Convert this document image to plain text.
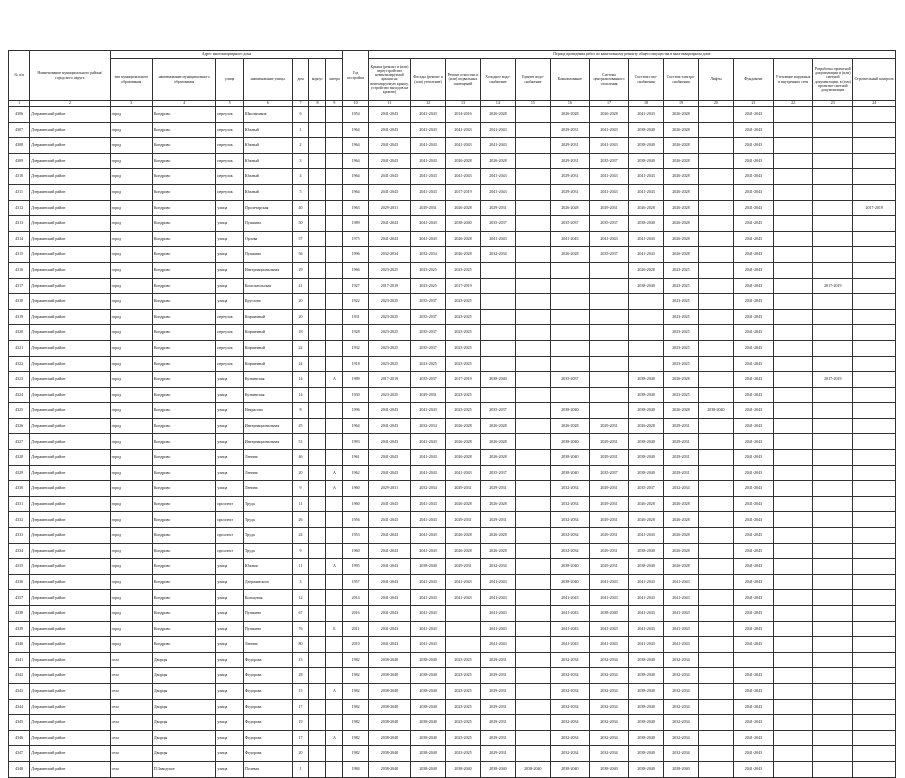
№ п/п	Наименование муниципального района/городского округа	Адрес многоквартирного дома							Год постройки	Период проведения работ по капитальному ремонту общего имущества в многоквартирном доме													
		тип муниципального образования	наименование муниципального образования	улица	наименование улицы	дом	корпус	литера		Крыша (ремонт и (или) переустройство невентилируемой крыши на вентилируемую крышу, устройство выходов на кровлю)	Фасады (ремонт и (или) утепление)	Ремонт отмостки и (или) подвальных помещений	Холодное водо-снабжение	Горячее водо-снабжение	Канализование	Система централизованного отопления	Система газо-снабжения	Система электро-снабжения	Лифты	Фундамент	Утепление наружных и внутренних стен	Разработка проектной документации и (или) сметной документации, в (том) проектно-сметной документации	Строительный контроль
1	2	3	4	5	6	7	8	9	10	11	12	13	14	15	16	17	18	19	20	21	22	23	24
4306	Дзержинский район	город	Кондрово	переулок	Школьников	6			1954	2041-2043	2041-2043	2014-2016	2026-2028		2026-2028	2026-2028	2041-2043	2026-2028		2041-2043			
4307	Дзержинский район	город	Кондрово	переулок	Южный	1			1964	2041-2043	2041-2043	2041-2043	2041-2043		2029-2031	2041-2043	2038-2040	2026-2028		2041-2043			
4308	Дзержинский район	город	Кондрово	переулок	Южный	2			1964	2041-2043	2041-2043	2041-2043	2041-2043		2029-2031	2041-2043	2038-2040	2026-2028		2041-2043			
4309	Дзержинский район	город	Кондрово	переулок	Южный	3			1964	2041-2043	2041-2043	2026-2028	2026-2028		2029-2031	2035-2037	2038-2040	2026-2028		2041-2043			
4310	Дзержинский район	город	Кондрово	переулок	Южный	4			1964	2041-2043	2041-2043	2041-2043	2041-2043		2029-2031	2041-2043	2041-2043	2026-2028		2041-2043			
4311	Дзержинский район	город	Кондрово	переулок	Южный	5			1964	2041-2043	2041-2043	2017-2019	2041-2043		2029-2031	2041-2043	2041-2043	2026-2028		2041-2043			
4312	Дзержинский район	город	Кондрово	улица	Пролетарская	40			1963	2029-2031	2029-2031	2026-2028	2029-2031		2026-2028	2029-2031	2026-2028	2026-2028		2041-2043			2017-2019
4313	Дзержинский район	город	Кондрово	улица	Пушкина	50			1989	2041-2043	2041-2043	2038-2040	2035-2037		2035-2037	2035-2037	2038-2040	2026-2028		2041-2043			
4314	Дзержинский район	город	Кондрово	улица	Орлова	57			1975	2041-2043	2041-2043	2026-2028	2041-2043		2041-2043	2041-2043	2041-2043	2026-2028		2041-2043			
4315	Дзержинский район	город	Кондрово	улица	Пушкина	56			1996	2032-2034	2032-2034	2026-2028	2032-2034		2026-2028	2035-2037	2041-2043	2026-2028		2041-2043			
4316	Дзержинский район	город	Кондрово	улица	Интернациональная	29			1966	2023-2025	2023-2025	2023-2025					2026-2028	2023-2025		2041-2043			
4317	Дзержинский район	город	Кондрово	улица	Комсомольская	41			1927	2017-2019	2023-2025	2017-2019					2038-2040	2023-2025		2041-2043		2017-2019	
4318	Дзержинский район	город	Кондрово	улица	Круглова	20			1922	2023-2025	2035-2037	2023-2025						2023-2025		2041-2043			
4319	Дзержинский район	город	Кондрово	переулок	Кирпичный	20			1931	2023-2025	2035-2037	2023-2025						2023-2025		2041-2043			
4320	Дзержинский район	город	Кондрово	переулок	Кирпичный	18			1928	2023-2025	2035-2037	2023-2025						2023-2025		2041-2043			
4321	Дзержинский район	город	Кондрово	переулок	Кирпичный	22			1932	2023-2025	2035-2037	2023-2025						2023-2025		2041-2043			
4322	Дзержинский район	город	Кондрово	переулок	Кирпичный	24			1918	2023-2025	2023-2025	2023-2025						2023-2025		2041-2043			
4323	Дзержинский район	город	Кондрово	улица	Кутвинская	14		А	1989	2017-2019	2035-2037	2017-2019	2038-2040		2035-2037		2038-2040	2026-2028		2041-2043		2017-2019	
4324	Дзержинский район	город	Кондрово	улица	Кутвинская	14			1930	2023-2025	2029-2031	2023-2025					2038-2040	2023-2025		2041-2043			
4325	Дзержинский район	город	Кондрово	улица	Некрасова	8			1996	2041-2043	2041-2043	2023-2025	2035-2037		2038-2040		2038-2040	2026-2028	2038-2040	2041-2043			
4326	Дзержинский район	город	Кондрово	улица	Интернациональная	45			1964	2041-2043	2032-2034	2026-2028	2026-2028		2026-2028	2029-2031	2026-2028	2029-2031		2041-2043			
4327	Дзержинский район	город	Кондрово	улица	Интернациональная	51			1993	2041-2043	2041-2043	2026-2028	2026-2028		2038-2040	2029-2031	2038-2040	2029-2031		2041-2043			
4328	Дзержинский район	город	Кондрово	улица	Ленина	46			1961	2041-2043	2041-2043	2026-2028	2026-2028		2038-2040	2029-2031	2038-2040	2029-2031		2041-2043			
4329	Дзержинский район	город	Кондрово	улица	Ленина	20		А	1962	2041-2043	2041-2043	2041-2043	2035-2037		2038-2040	2035-2037	2038-2040	2029-2031		2041-2043			
4330	Дзержинский район	город	Кондрово	улица	Ленина	9		А	1960	2029-2031	2032-2034	2029-2031	2029-2031		2032-2034	2029-2031	2035-2037	2032-2034		2041-2043			
4331	Дзержинский район	город	Кондрово	проспект	Труда	11			1960	2041-2043	2041-2043	2026-2028	2026-2028		2032-2034	2029-2031	2026-2028	2026-2028		2041-2043			
4332	Дзержинский район	город	Кондрово	проспект	Труда	26			1956	2041-2043	2041-2043	2029-2031	2029-2031		2032-2034	2029-2031	2026-2028	2026-2028		2041-2043			
4333	Дзержинский район	город	Кондрово	проспект	Труда	24			1953	2041-2043	2041-2043	2026-2028	2026-2028		2032-2034	2029-2031	2041-2043	2026-2028		2041-2043			
4334	Дзержинский район	город	Кондрово	проспект	Труда	9			1960	2041-2043	2041-2043	2026-2028	2026-2028		2032-2034	2029-2031	2038-2040	2026-2028		2041-2043			
4335	Дзержинский район	город	Кондрово	улица	Южная	11		А	1995	2041-2043	2038-2040	2029-2031	2032-2034		2038-2040	2029-2031	2038-2040	2026-2028		2041-2043			
4336	Дзержинский район	город	Кондрово	улица	Дзержинского	3			1957	2041-2043	2041-2043	2041-2043	2041-2043		2038-2040	2041-2043	2041-2043	2041-2043		2041-2043			
4337	Дзержинский район	город	Кондрово	улица	Кольцевая	12			2014	2041-2043	2041-2043	2041-2043	2041-2043		2041-2043	2041-2043	2041-2043	2041-2043		2041-2043			
4338	Дзержинский район	город	Кондрово	улица	Пушкина	67			2016	2041-2043	2041-2043		2041-2043		2041-2043	2038-2040	2041-2043	2041-2043		2041-2043			
4339	Дзержинский район	город	Кондрово	улица	Пушкина	76		Б	2011	2041-2043	2041-2043		2041-2043		2041-2043	2041-2043	2041-2043	2041-2043		2041-2043			
4340	Дзержинский район	город	Кондрово	улица	Ленина	80			2010	2041-2043	2041-2043		2041-2043		2041-2043	2041-2043	2041-2043	2041-2043		2041-2043			
4341	Дзержинский район	село	Дворцы	улица	Федорова	13			1982	2038-2040	2038-2040	2023-2025	2029-2031		2032-2034	2032-2034	2038-2040	2032-2034					
4342	Дзержинский район	село	Дворцы	улица	Федорова	28			1982	2038-2040	2038-2040	2023-2025	2029-2031		2032-2034	2032-2034	2038-2040	2032-2034		2041-2043			
4343	Дзержинский район	село	Дворцы	улица	Федорова	15		А	1982	2038-2040	2038-2040	2023-2025	2029-2031		2032-2034	2032-2034	2038-2040	2032-2034		2041-2043			
4344	Дзержинский район	село	Дворцы	улица	Федорова	17			1982	2038-2040	2038-2040	2023-2025	2029-2031		2032-2034	2032-2034	2038-2040	2032-2034		2041-2043			
4345	Дзержинский район	село	Дворцы	улица	Федорова	19			1982	2038-2040	2038-2040	2023-2025	2029-2031		2032-2034	2032-2034	2038-2040	2032-2034		2041-2043			
4346	Дзержинский район	село	Дворцы	улица	Федорова	17		А	1982	2038-2040	2038-2040	2023-2025	2029-2031		2032-2034	2032-2034	2038-2040	2032-2034		2041-2043			
4347	Дзержинский район	село	Дворцы	улица	Федорова	20			1982	2038-2040	2038-2040	2023-2025	2029-2031		2032-2034	2032-2034	2038-2040	2032-2034		2041-2043			
4348	Дзержинский район	село	П.Заводское	улица	Полевая	1			1984	2038-2040	2038-2040	2038-2040	2038-2040	2038-2040	2038-2040	2038-2040	2038-2040	2038-2040		2041-2043			
